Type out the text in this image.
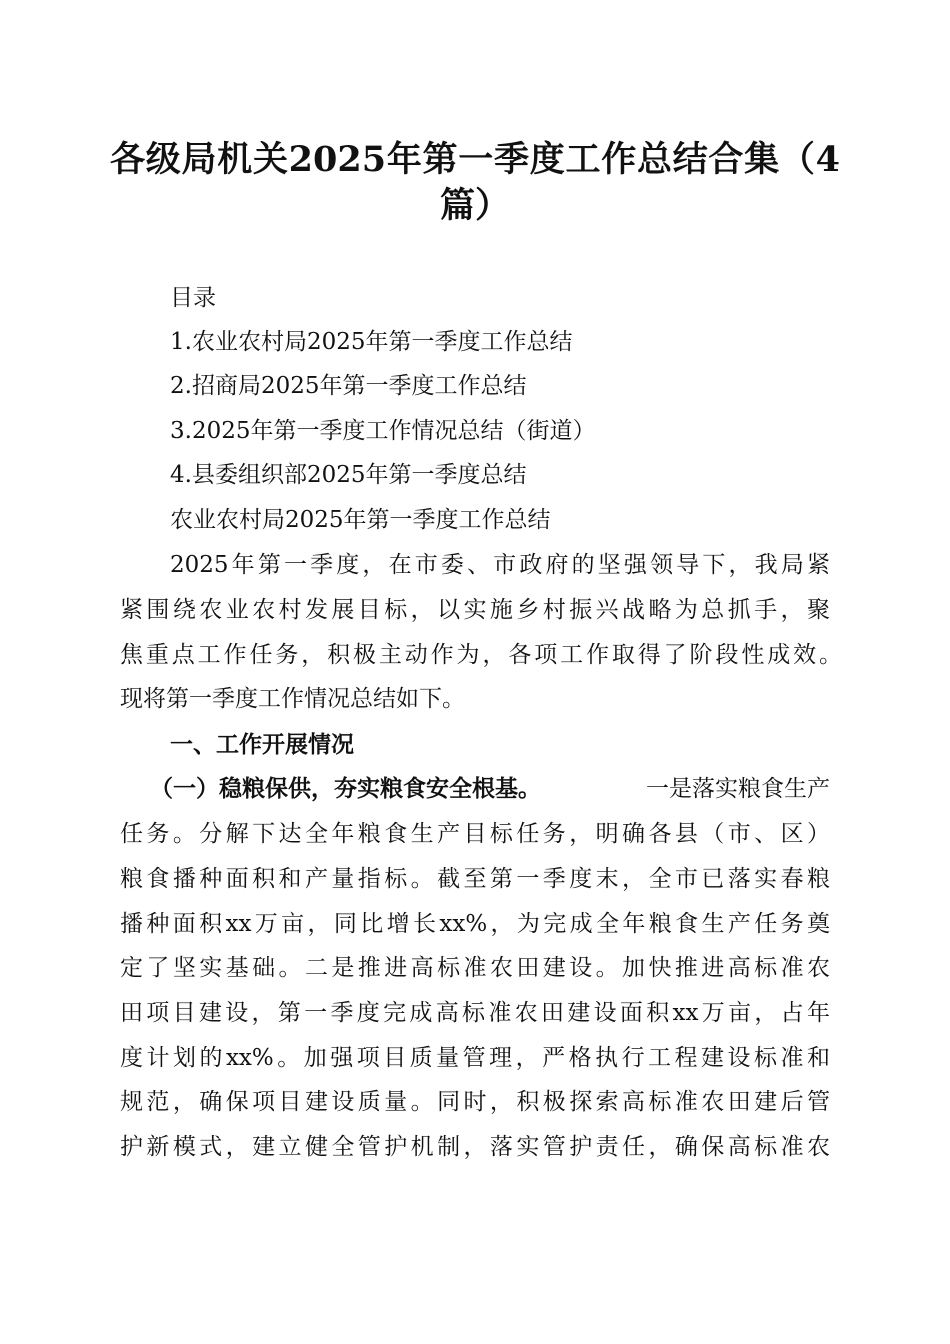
各级局机关2025年第一季度工作总结合集（4
篇）
目录
1.农业农村局2025年第一季度工作总结
2.招商局2025年第一季度工作总结
3.2025年第一季度工作情况总结（街道）
4.县委组织部2025年第一季度总结
农业农村局2025年第一季度工作总结
2025年第一季度，在市委、市政府的坚强领导下，我局紧
紧围绕农业农村发展目标，以实施乡村振兴战略为总抓手，聚
焦重点工作任务，积极主动作为，各项工作取得了阶段性成效。
现将第一季度工作情况总结如下。
一、工作开展情况
（一）稳粮保供，夯实粮食安全根基。	一是落实粮食生产
任务。分解下达全年粮食生产目标任务，明确各县（市、区）
粮食播种面积和产量指标。截至第一季度末，全市已落实春粮
播种面积xx万亩，同比增长xx%，为完成全年粮食生产任务奠
定了坚实基础。二是推进高标准农田建设。加快推进高标准农
田项目建设，第一季度完成高标准农田建设面积xx万亩，占年
度计划的xx%。加强项目质量管理，严格执行工程建设标准和
规范，确保项目建设质量。同时，积极探索高标准农田建后管
护新模式，建立健全管护机制，落实管护责任，确保高标准农
